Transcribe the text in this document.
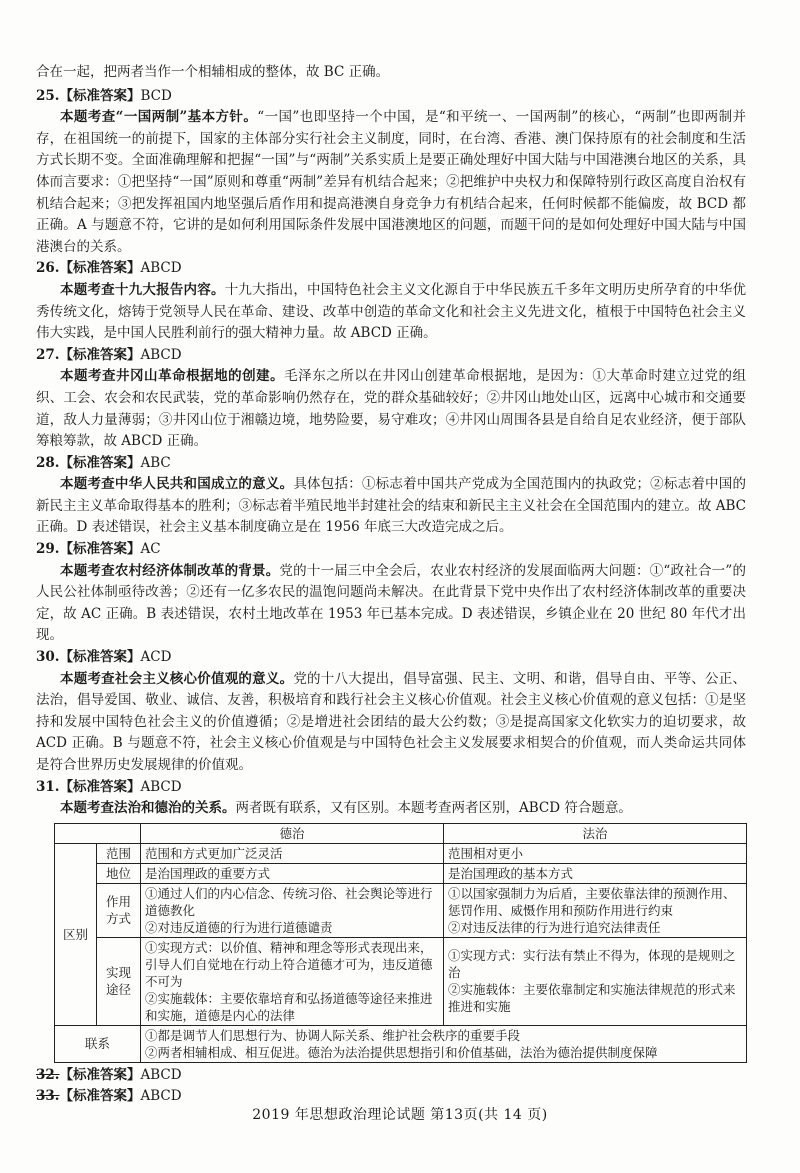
合在一起，把两者当作一个相辅相成的整体，故 BC 正确。

25.【标准答案】BCD

本题考查“一国两制”基本方针。“一国”也即坚持一个中国，是“和平统一、一国两制”的核心，“两制”也即两制并存，在祖国统一的前提下，国家的主体部分实行社会主义制度，同时，在台湾、香港、澳门保持原有的社会制度和生活方式长期不变。全面准确理解和把握“一国”与“两制”关系实质上是要正确处理好中国大陆与中国港澳台地区的关系，具体而言要求：①把坚持“一国”原则和尊重“两制”差异有机结合起来；②把维护中央权力和保障特别行政区高度自治权有机结合起来；③把发挥祖国内地坚强后盾作用和提高港澳自身竞争力有机结合起来，任何时候都不能偏废，故 BCD 都正确。A 与题意不符，它讲的是如何利用国际条件发展中国港澳地区的问题，而题干问的是如何处理好中国大陆与中国港澳台的关系。

26.【标准答案】ABCD

本题考查十九大报告内容。十九大指出，中国特色社会主义文化源自于中华民族五千多年文明历史所孕育的中华优秀传统文化，熔铸于党领导人民在革命、建设、改革中创造的革命文化和社会主义先进文化，植根于中国特色社会主义伟大实践，是中国人民胜利前行的强大精神力量。故 ABCD 正确。

27.【标准答案】ABCD

本题考查井冈山革命根据地的创建。毛泽东之所以在井冈山创建革命根据地，是因为：①大革命时建立过党的组织、工会、农会和农民武装，党的革命影响仍然存在，党的群众基础较好；②井冈山地处山区，远离中心城市和交通要道，敌人力量薄弱；③井冈山位于湘赣边境，地势险要，易守难攻；④井冈山周围各县是自给自足农业经济，便于部队筹粮筹款，故 ABCD 正确。

28.【标准答案】ABC

本题考查中华人民共和国成立的意义。具体包括：①标志着中国共产党成为全国范围内的执政党；②标志着中国的新民主主义革命取得基本的胜利；③标志着半殖民地半封建社会的结束和新民主主义社会在全国范围内的建立。故 ABC 正确。D 表述错误，社会主义基本制度确立是在 1956 年底三大改造完成之后。

29.【标准答案】AC

本题考查农村经济体制改革的背景。党的十一届三中全会后，农业农村经济的发展面临两大问题：①“政社合一”的人民公社体制亟待改善；②还有一亿多农民的温饱问题尚未解决。在此背景下党中央作出了农村经济体制改革的重要决定，故 AC 正确。B 表述错误，农村土地改革在 1953 年已基本完成。D 表述错误，乡镇企业在 20 世纪 80 年代才出现。

30.【标准答案】ACD

本题考查社会主义核心价值观的意义。党的十八大提出，倡导富强、民主、文明、和谐，倡导自由、平等、公正、法治，倡导爱国、敬业、诚信、友善，积极培育和践行社会主义核心价值观。社会主义核心价值观的意义包括：①是坚持和发展中国特色社会主义的价值遵循；②是增进社会团结的最大公约数；③是提高国家文化软实力的迫切要求，故 ACD 正确。B 与题意不符，社会主义核心价值观是与中国特色社会主义发展要求相契合的价值观，而人类命运共同体是符合世界历史发展规律的价值观。

31.【标准答案】ABCD

本题考查法治和德治的关系。两者既有联系，又有区别。本题考查两者区别，ABCD 符合题意。

		德治	法治
区别	范围	范围和方式更加广泛灵活	范围相对更小
	地位	是治国理政的重要方式	是治国理政的基本方式
	作用方式	①通过人们的内心信念、传统习俗、社会舆论等进行道德教化
②对违反道德的行为进行道德谴责	①以国家强制力为后盾，主要依靠法律的预测作用、惩罚作用、威慑作用和预防作用进行约束
②对违反法律的行为进行追究法律责任
	实现途径	①实现方式：以价值、精神和理念等形式表现出来，引导人们自觉地在行动上符合道德才可为，违反道德不可为
②实施载体：主要依靠培育和弘扬道德等途径来推进和实施，道德是内心的法律	①实现方式：实行法有禁止不得为，体现的是规则之治
②实施载体：主要依靠制定和实施法律规范的形式来推进和实施
联系		①都是调节人们思想行为、协调人际关系、维护社会秩序的重要手段
②两者相辅相成、相互促进。德治为法治提供思想指引和价值基础，法治为德治提供制度保障	
32.【标准答案】ABCD
33.【标准答案】ABCD
2019 年思想政治理论试题 第13页(共 14 页)
